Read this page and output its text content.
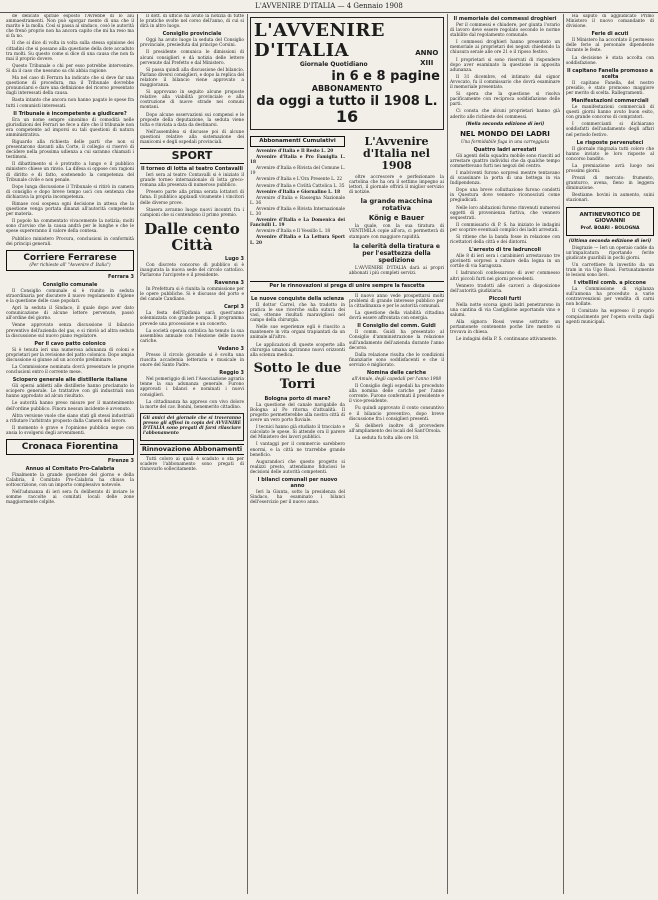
L'AVVENIRE D'ITALIA — 4 Gennaio 1908

de delicato spirale esposto l'Avrebbe di lo alu ammaestramenti. Non può sgorgar mente di una che il marito è la molla. Così si passa al sindaco, cosò le autorità che frenò proprio non ha ancora capito che mi ha reso ma si fa no.

Il che si dice di volta in volta sulla stessa opinione dei cittadini che si possano alla questione della dote accaduto tra molti. Su questo come si dice di una causa che non fa mai il proprio dovere.

Questo Tribunale o chi per esso potrebbe intervenire. Si da il caso che nessuno sa chi abbia ragione.

Ma nel caso di Ferrara ha indicato che si deve far una questione di procedura, ma il Tribunale dovrebbe pronunciarsi e dare una definizione del ricorso presentato dagli interessati della causa.

Basta intanto che ancora non hanno pagato le spese fra tutti i comunisti interessati.

Il Tribunale è incompetente a giudicare?

Era un nome sempre sinonimo di comodità nelle giurisdizioni dei Ferrari ne fece a dire che il tribunale non era competente ad imporsi su tali questioni di natura amministrativa.

Riguardo alla richiesta delle parti che non si presentarono davanti alla Corte, il collegio si riservò di decidere nella prossima udienza a cui saranno chiamati i testimoni.

Il dibattimento si è protratto a lungo e il pubblico ministero chiese un rinvio. La difesa si oppose con ragioni di diritto e di fatto, sostenendo la competenza del Tribunale civile e non penale.

Dopo lunga discussione il Tribunale si ritirò in camera di consiglio e dopo breve tempo uscì con sentenza che dichiarava la propria incompetenza.

Rimase cosi sospesa ogni decisione in attesa che la questione venga portata dinanzi all'autorità competente per materia.

Il popolo ha commentato vivacemente la notizia; molti sono d'avviso che la causa andrà per le lunghe e che le spese supereranno il valore della contesa.

Pubblico ministero Procura, conclusioni in conformità dei principi generali.

Corriere Ferrarese
(Per richieste all' "Avvenire d' Italia")
Ferrara 3
Consiglio comunale

Il Consiglio comunale si è riunito in seduta straordinaria per discutere il nuovo regolamento d'igiene e la questione delle case popolari.

Aprì la seduta il Sindaco, il quale dopo aver dato comunicazione di alcune lettere pervenute, passò all'ordine del giorno.

Venne approvato senza discussione il bilancio preventivo dell'azienda del gas, e si rinviò ad altra seduta la discussione sul nuovo piano regolatore.

Per il cavo patto colonico

Si è tenuta ieri una numerosa adunanza di coloni e proprietari per la revisione del patto colonico. Dopo ampia discussione si giunse ad un accordo preliminare.

La Commissione nominata dovrà presentare le proprie conclusioni entro il corrente mese.

Sciopero generale alle distillerie italiane

Gli operai addetti alle distillerie hanno proclamato lo sciopero generale. Le trattative con gli industriali non hanno approdato ad alcun risultato.

Le autorità hanno preso misure per il mantenimento dell'ordine pubblico. Finora nessun incidente è avvenuto.

Altra versione vuole che siano stati gli stessi industriali a rifiutare l'arbitrato proposto dalla Camera del lavoro.

Il momento è grave e l'opinione pubblica segue con ansia lo svolgersi degli avvenimenti.

Cronaca Fiorentina
Firenze 3
Annuo al Comitato Pro-Calabria

Finalmente la grande questione del giorno e della Calabria, il Comitato Pro-Calabria ha chiuso la sottoscrizione, con un importo complessivo notevole.

Nell'adunanza di ieri sera fu deliberato di inviare le somme raccolte ai comitati locali delle zone maggiormente colpite.

Il dott. di ufficio ha avuto la notizia di tutte le pratiche svolte nel corso dell'anno, di cui si dirà in altro luogo.

Consiglio provinciale

Oggi ha avuto luogo la seduta del Consiglio provinciale, presieduta dal principe Corsini.

Il presidente comunica le dimissioni di alcuni consiglieri e dà notizia delle lettere pervenute dal Prefetto e dal Ministero.

Si passa quindi alla discussione del bilancio. Parlano diversi consiglieri, e dopo la replica del relatore il bilancio viene approvato a maggioranza.

Si approvano in seguito alcune proposte relative alla viabilità provinciale e alla costruzione di nuove strade nei comuni montani.

Dopo alcune osservazioni sui compensi e le proposte della deputazione, la seduta viene tolta e rinviata a data da destinarsi.

Nell'assemblea si discusse poi di alcune questioni relative alla sistemazione dei manicomi e degli ospedali provinciali.

SPORT
Il torneo di lotta al teatro Contavalli

Ieri sera al teatro Contavalli si è iniziato il grande torneo internazionale di lotta greco-romana alla presenza di numeroso pubblico.

Presero parte alla prima serata lottatori di fama. Il pubblico applaudì vivamente i vincitori delle diverse prove.

Stasera avranno luogo nuovi incontri fra i campioni che si contendono il primo premio.

Dalle cento Città
Lugo 3

Con discreto concorso di pubblico si è inaugurata la nuova sede del circolo cattolico. Parlarono l'arciprete e il presidente.

Ravenna 3

In Prefettura si è riunita la commissione per le opere pubbliche. Si è discusso del porto e del canale Candiano.

Carpi 3

La festa dell'Epifania sarà quest'anno solennizzata con grande pompa. Il programma prevede una processione e un concerto.

La società operaia cattolica ha tenuto la sua assemblea annuale con l'elezione delle nuove cariche.

Vedano 3

Presso il circolo giovanile si è svolta una riuscita accademia letteraria e musicale in onore del Santo Padre.

Reggio 3

Nel pomeriggio di ieri l'Associazione agraria tenne la sua adunanza generale. Furono approvati i bilanci e nominati i nuovi consiglieri.

La cittadinanza ha appreso con vivo dolore la morte del cav. Bonini, benemerito cittadino.

Gli amici dei giornale che si troveranno presso gli affissi in copia del AVVENIRE D'ITALIA sono pregati di farsi rilasciare l'abbonamento

Rinnovazione Abbonamenti

Tutti coloro ai quali è scaduto o sta per scadere l'abbonamento sono pregati di rinnovarlo sollecitamente.

L'AVVENIRE D'ITALIA
Giornale Quotidiano
ANNO XIII
in 6 e 8 pagine
ABBONAMENTO
da oggi a tutto il 1908 L. 16
Abbonamenti Cumulativi

Avvenire d'Italia e Il Resto L. 20

Avvenire d'Italia e Pro Famiglia L. 18

Avvenire d'Italia e Rivista del Comune L. 19

Avvenire d'Italia e L'Ora Presente L. 22

Avvenire d'Italia e Civiltà Cattolica L. 35

Avvenire d'Italia e Giornalino L. 18

Avvenire d'Italia e Rassegna Nazionale L. 36

Avvenire d'Italia e Rivista Internazionale L. 30

Avvenire d'Italia e La Domenica dei Fanciulli L. 19

Avvenire d'Italia e Il Vessillo L. 18

Avvenire d'Italia e La Lettura Sport L. 20

L'Avvenire d'Italia nel 1908

oltre accrescere e perfezionare la cartolina che ha ora il settimo impegno ai lettori, il giornale offrirà il miglior servizio di notizie.

la grande macchina rotativa
König e Bauer

la quale, con la sua tiratura di VENTIMILA copie all'ora, ci permetterà di stampare con maggiore rapidità.

la celerità della tiratura e per l'esattezza della spedizione

L'AVVENIRE D'ITALIA darà ai propri abbonati i più completi servizi.

Per le rinnovazioni si prega di unire sempre la fascetta
Le nuove conquiste della scienza

Il dottor Carrel, che ha tradotto in pratica le sue ricerche sulla sutura dei vasi, ottenne risultati maravigliosi nel campo della chirurgia.

Nelle sue esperienze egli è riuscito a mantenere in vita organi trapiantati da un animale all'altro.

Le applicazioni di queste scoperte alla chirurgia umana apriranno nuovi orizzonti alla scienza medica.

Sotto le due Torri
Bologna porto di mare?

La questione del canale navigabile da Bologna al Po ritorna d'attualità. Il progetto permetterebbe alla nostra città di avere un vero porto fluviale.

I tecnici hanno già studiato il tracciato e calcolato le spese. Si attende ora il parere del Ministero dei lavori pubblici.

I vantaggi per il commercio sarebbero enormi, e la città ne trarrebbe grande beneficio.

Augurandoci che questo progetto si realizzi presto, attendiamo fiduciosi le decisioni delle autorità competenti.

I bilanci comunali per nuovo anno

Ieri la Giunta, sotto la presidenza del Sindaco, ha esaminato i bilanci dell'esercizio per il nuovo anno.

Il nuovo anno vede prospettarsi molti problemi di grande interesse pubblico per la cittadinanza e per le autorità comunali.

La questione della viabilità cittadina dovrà essere affrontata con energia.

Il Consiglio del comm. Guidi

Il comm. Guidi ha presentato al Consiglio d'amministrazione la relazione sull'andamento dell'azienda durante l'anno decorso.

Dalla relazione risulta che le condizioni finanziarie sono soddisfacenti e che il servizio è migliorato.

Nomina delle cariche
all'Amule, degli capedali per l'anno 1908

Il Consiglio degli ospedali ha proceduto alla nomina delle cariche per l'anno corrente. Furono confermati il presidente e il vice-presidente.

Fu quindi approvato il conto consuntivo e il bilancio preventivo, dopo breve discussione fra i consiglieri presenti.

Si deliberò inoltre di provvedere all'ampliamento dei locali del Sant'Orsola.

La seduta fu tolta alle ore 18.

Il memoriale dei commessi droghieri

Per il commessi e chiudere, per giunta l'orario di lavoro deve essere regolato secondo le norme stabilite dal regolamento comunale.

I commessi droghieri hanno presentato un memoriale ai proprietari dei negozi chiedendo la chiusura serale alle ore 21 e il riposo festivo.

I proprietari si sono riservati di rispondere dopo aver esaminato la questione in apposita adunanza.

Il 31 dicembre, ed intimato dal signor Avvocato, fu il commissario che dovrà esaminare il memoriale presentato.

Si spera che la questione si risolva pacificamente con reciproca soddisfazione delle parti.

Ci consta che alcuni proprietari hanno già aderito alle richieste dei commessi.

(Nella seconda edizione di ieri)
NEL MONDO DEI LADRI
Una formidabile fuga in una carreggiata
Quattro ladri arrestati

Gli agenti della squadra mobile sono riusciti ad arrestare quattro individui che da qualche tempo commettevano furti nei negozi del centro.

I malviventi furono sorpresi mentre tentavano di scassinare la porta di una bottega in via Indipendenza.

Dopo una breve colluttazione furono condotti in Questura dove vennero riconosciuti come pregiudicati.

Nelle loro abitazioni furono rinvenuti numerosi oggetti di provenienza furtiva, che vennero sequestrati.

Il commissario di P. S. ha iniziato le indagini per scoprire eventuali complici dei ladri arrestati.

Si ritiene che la banda fosse in relazione con ricettatori della città e dei dintorni.

L'arresto di tre ladruncoli

Alle 8 di ieri sera i carabinieri arrestavano tre giovinetti sorpresi a rubare della legna in un cortile di via Saragozza.

I ladruncoli confessarono di aver commesso altri piccoli furti nei giorni precedenti.

Vennero tradotti alle carceri a disposizione dell'autorità giudiziaria.

Piccoli furti

Nella notte scorsa ignoti ladri penetrarono in una cantina di via Castiglione asportando vino e salumi.

Alla signora Rossi venne sottratto un portamonete contenente poche lire mentre si trovava in chiesa.

Le indagini della P. S. continuano attivamente.

Ha saputo di aggiudicato Primo Ministero il nuovo comandante di divisione.

Ferie di acuti

Il Ministero ha accordato il permesso delle ferie al personale dipendente durante le feste.

La decisione è stata accolta con soddisfazione.

Il capitano Fanella promosso a scelta

Il capitano Fanella, del nostro presidio, è stato promosso maggiore per merito di scelta. Rallegramenti.

Manifestazioni commerciali

Le manifestazioni commerciali di questi giorni hanno avuto buon esito, con grande concorso di compratori.

I commercianti si dichiarano soddisfatti dell'andamento degli affari nel periodo festivo.

Le risposte pervenuteci

Il giornale ringrazia tutti coloro che hanno inviato le loro risposte al concorso bandito.

La premiazione avrà luogo nei prossimi giorni.

Prezzi di mercato: frumento, granturco, avena, fieno in leggera diminuzione.

Bestiame: bovini in aumento, suini stazionari.

ANTINEVROTICO DE GIOVANNI
Prof. BOARI - BOLOGNA
(Ultima seconda edizione di ieri)

Disgrazie — Ieri un operaio cadde da un'impalcatura riportando ferite giudicate guaribili in pochi giorni.

Un carrettiere fu investito da un tram in via Ugo Bassi. Fortunatamente le lesioni sono lievi.

I vitellini comb. a piccone

La Commissione di vigilanza sull'annona ha proceduto a varie contravvenzioni per vendita di carni non bollate.

Il Comitato ha espresso il proprio compiacimento per l'opera svolta dagli agenti municipali.
